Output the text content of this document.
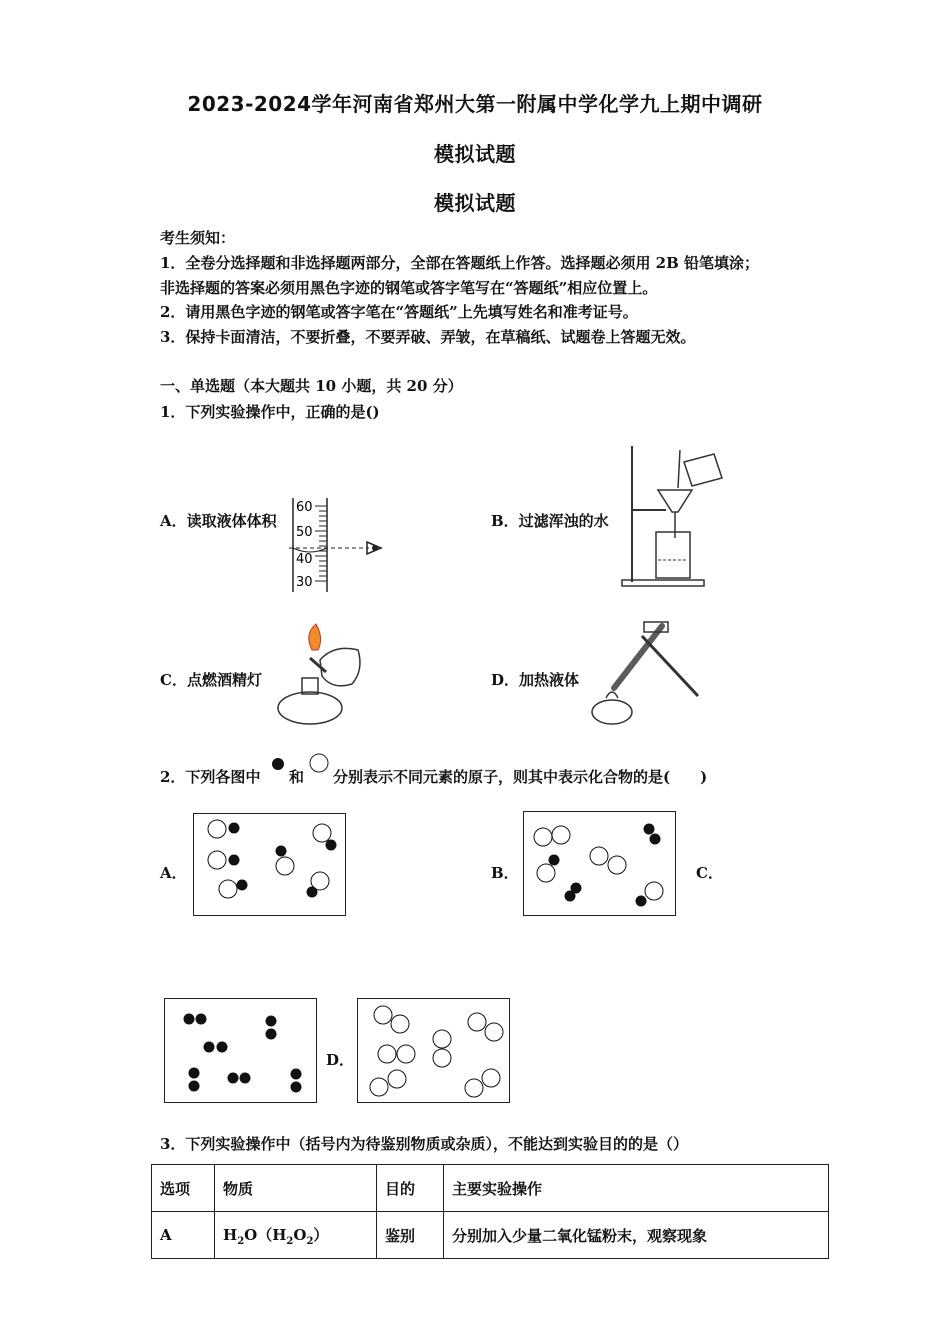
2023-2024学年河南省郑州大第一附属中学化学九上期中调研
模拟试题
模拟试题
考生须知：
1．全卷分选择题和非选择题两部分，全部在答题纸上作答。选择题必须用 2B 铅笔填涂；
非选择题的答案必须用黑色字迹的钢笔或答字笔写在“答题纸”相应位置上。
2．请用黑色字迹的钢笔或答字笔在“答题纸”上先填写姓名和准考证号。
3．保持卡面清洁，不要折叠，不要弄破、弄皱，在草稿纸、试题卷上答题无效。
一、单选题（本大题共 10 小题，共 20 分）
1．下列实验操作中，正确的是()
A．读取液体体积
60
50
40
30
B．过滤浑浊的水
C．点燃酒精灯	D．加热液体
2．下列各图中 和 分别表示不同元素的原子，则其中表示化合物的是(　　)
A．	B．	C．
D．
3．下列实验操作中（括号内为待鉴别物质或杂质），不能达到实验目的的是（）
选项	物质	目的	主要实验操作
A	$H_2O(H_2O_2)$	鉴别	分别加入少量二氧化锰粉末，观察现象
